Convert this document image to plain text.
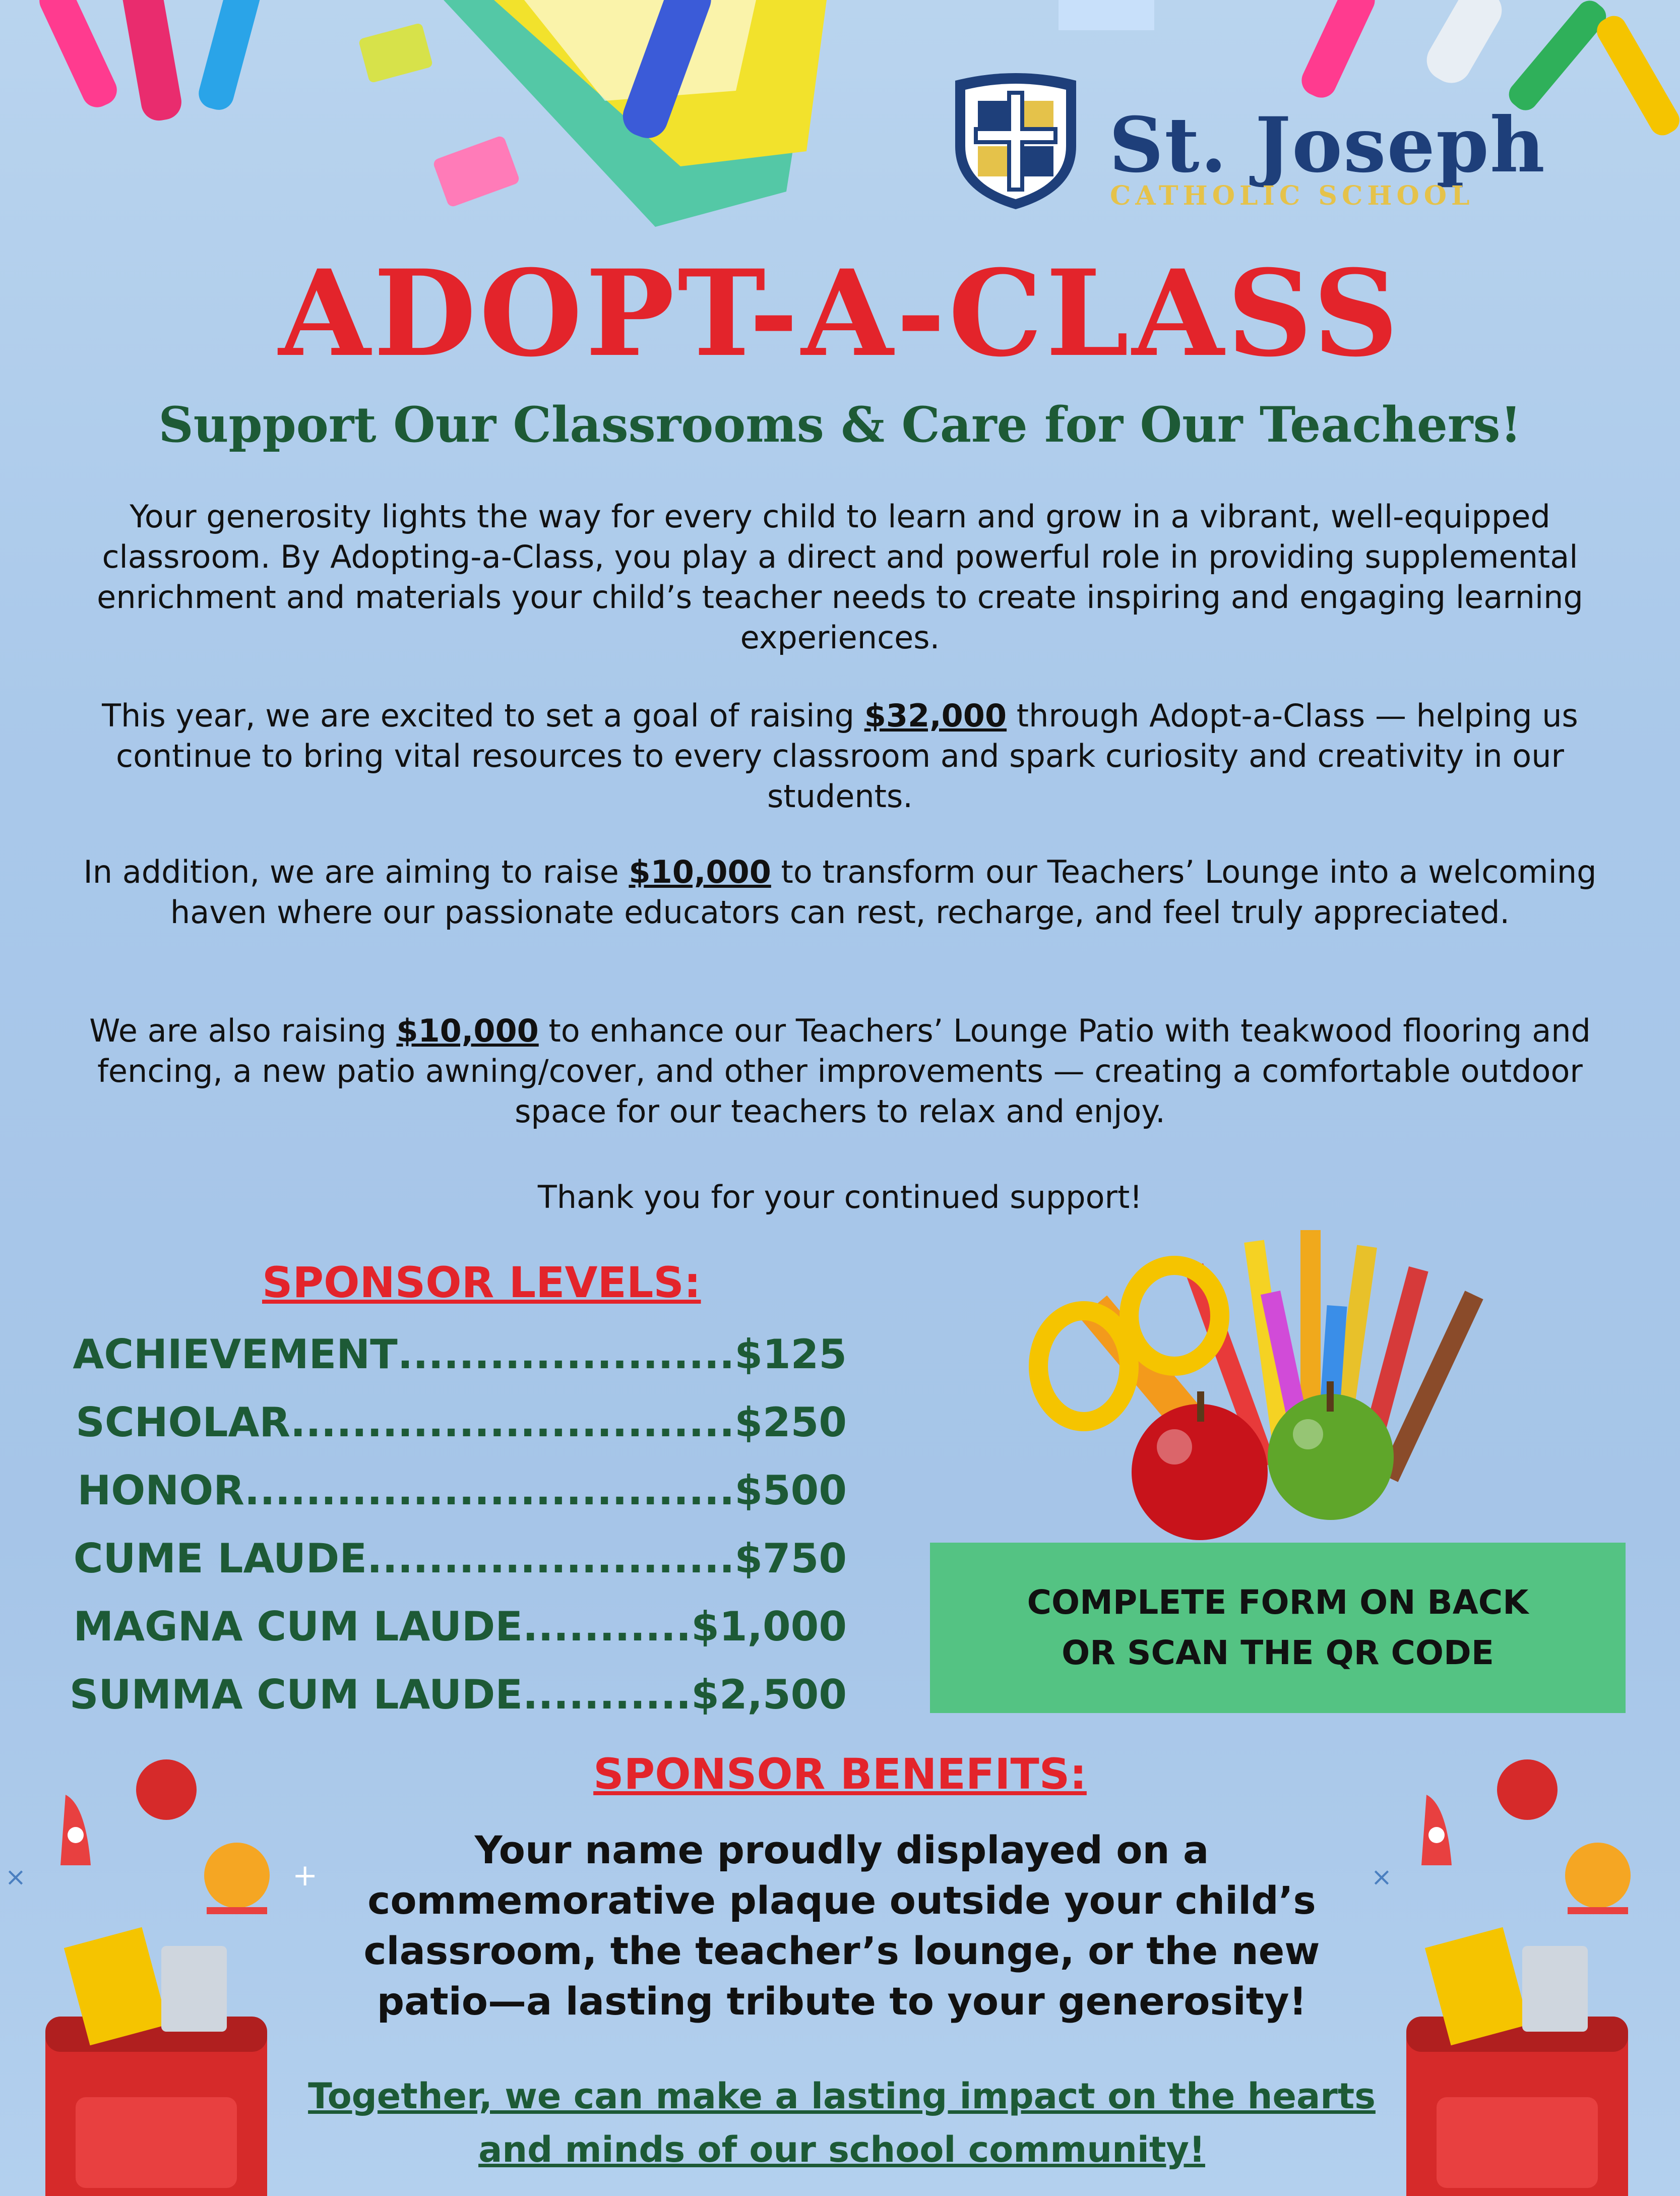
St. Joseph
CATHOLIC SCHOOL
ADOPT-A-CLASS
Support Our Classrooms & Care for Our Teachers!
Your generosity lights the way for every child to learn and grow in a vibrant, well-equipped classroom. By Adopting-a-Class, you play a direct and powerful role in providing supplemental enrichment and materials your child’s teacher needs to create inspiring and engaging learning experiences.
This year, we are excited to set a goal of raising $32,000 through Adopt-a-Class — helping us continue to bring vital resources to every classroom and spark curiosity and creativity in our students.
In addition, we are aiming to raise $10,000 to transform our Teachers’ Lounge into a welcoming haven where our passionate educators can rest, recharge, and feel truly appreciated.
We are also raising $10,000 to enhance our Teachers’ Lounge Patio with teakwood flooring and fencing, a new patio awning/cover, and other improvements — creating a comfortable outdoor space for our teachers to relax and enjoy.
Thank you for your continued support!
SPONSOR LEVELS:
ACHIEVEMENT ...................... $125
SCHOLAR ............................. $250
HONOR ................................ $500
CUME LAUDE ........................ $750
MAGNA CUM LAUDE ........... $1,000
SUMMA CUM LAUDE ........... $2,500
COMPLETE FORM ON BACK OR SCAN THE QR CODE
SPONSOR BENEFITS:
Your name proudly displayed on a commemorative plaque outside your child’s classroom, the teacher’s lounge, or the new patio—a lasting tribute to your generosity!
Together, we can make a lasting impact on the hearts and minds of our school community!
+
×	×
